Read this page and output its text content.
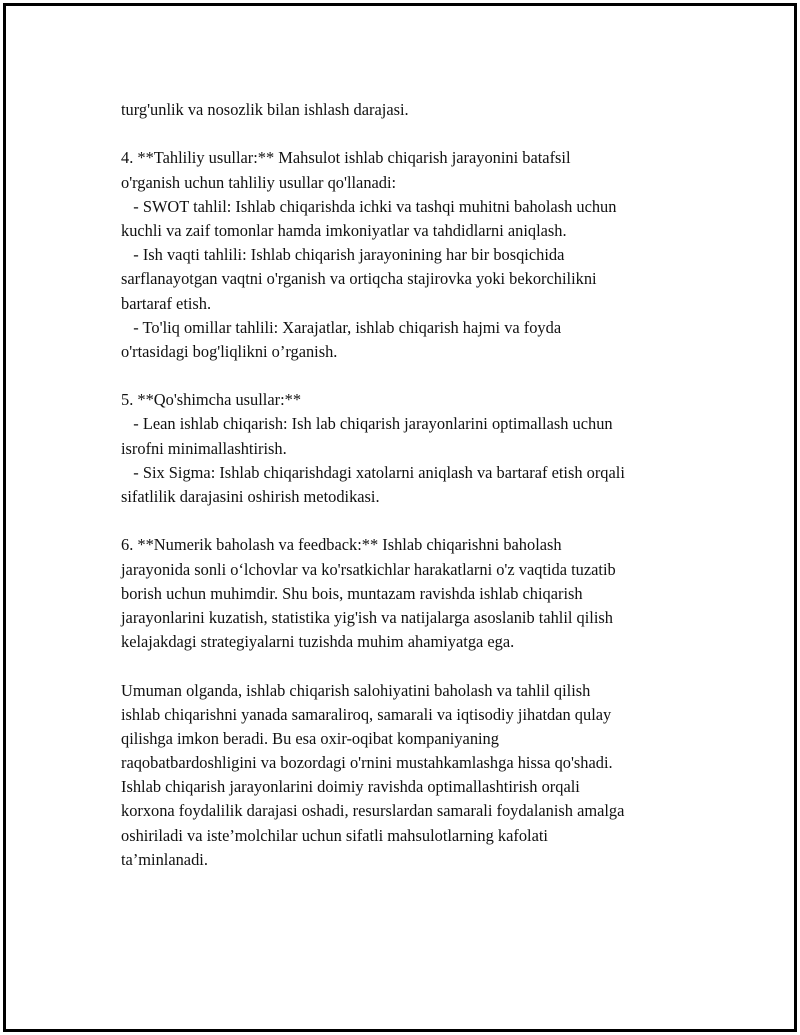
turg'unlik va nosozlik bilan ishlash darajasi.
4. **Tahliliy usullar:** Mahsulot ishlab chiqarish jarayonini batafsil
o'rganish uchun tahliliy usullar qo'llanadi:
- SWOT tahlil: Ishlab chiqarishda ichki va tashqi muhitni baholash uchun
kuchli va zaif tomonlar hamda imkoniyatlar va tahdidlarni aniqlash.
- Ish vaqti tahlili: Ishlab chiqarish jarayonining har bir bosqichida
sarflanayotgan vaqtni o'rganish va ortiqcha stajirovka yoki bekorchilikni
bartaraf etish.
- To'liq omillar tahlili: Xarajatlar, ishlab chiqarish hajmi va foyda
o'rtasidagi bog'liqlikni o’rganish.
5. **Qo'shimcha usullar:**
- Lean ishlab chiqarish: Ish lab chiqarish jarayonlarini optimallash uchun
isrofni minimallashtirish.
- Six Sigma: Ishlab chiqarishdagi xatolarni aniqlash va bartaraf etish orqali
sifatlilik darajasini oshirish metodikasi.
6. **Numerik baholash va feedback:** Ishlab chiqarishni baholash
jarayonida sonli o‘lchovlar va ko'rsatkichlar harakatlarni o'z vaqtida tuzatib
borish uchun muhimdir. Shu bois, muntazam ravishda ishlab chiqarish
jarayonlarini kuzatish, statistika yig'ish va natijalarga asoslanib tahlil qilish
kelajakdagi strategiyalarni tuzishda muhim ahamiyatga ega.
Umuman olganda, ishlab chiqarish salohiyatini baholash va tahlil qilish
ishlab chiqarishni yanada samaraliroq, samarali va iqtisodiy jihatdan qulay
qilishga imkon beradi. Bu esa oxir-oqibat kompaniyaning
raqobatbardoshligini va bozordagi o'rnini mustahkamlashga hissa qo'shadi.
Ishlab chiqarish jarayonlarini doimiy ravishda optimallashtirish orqali
korxona foydalilik darajasi oshadi, resurslardan samarali foydalanish amalga
oshiriladi va iste’molchilar uchun sifatli mahsulotlarning kafolati
ta’minlanadi.
